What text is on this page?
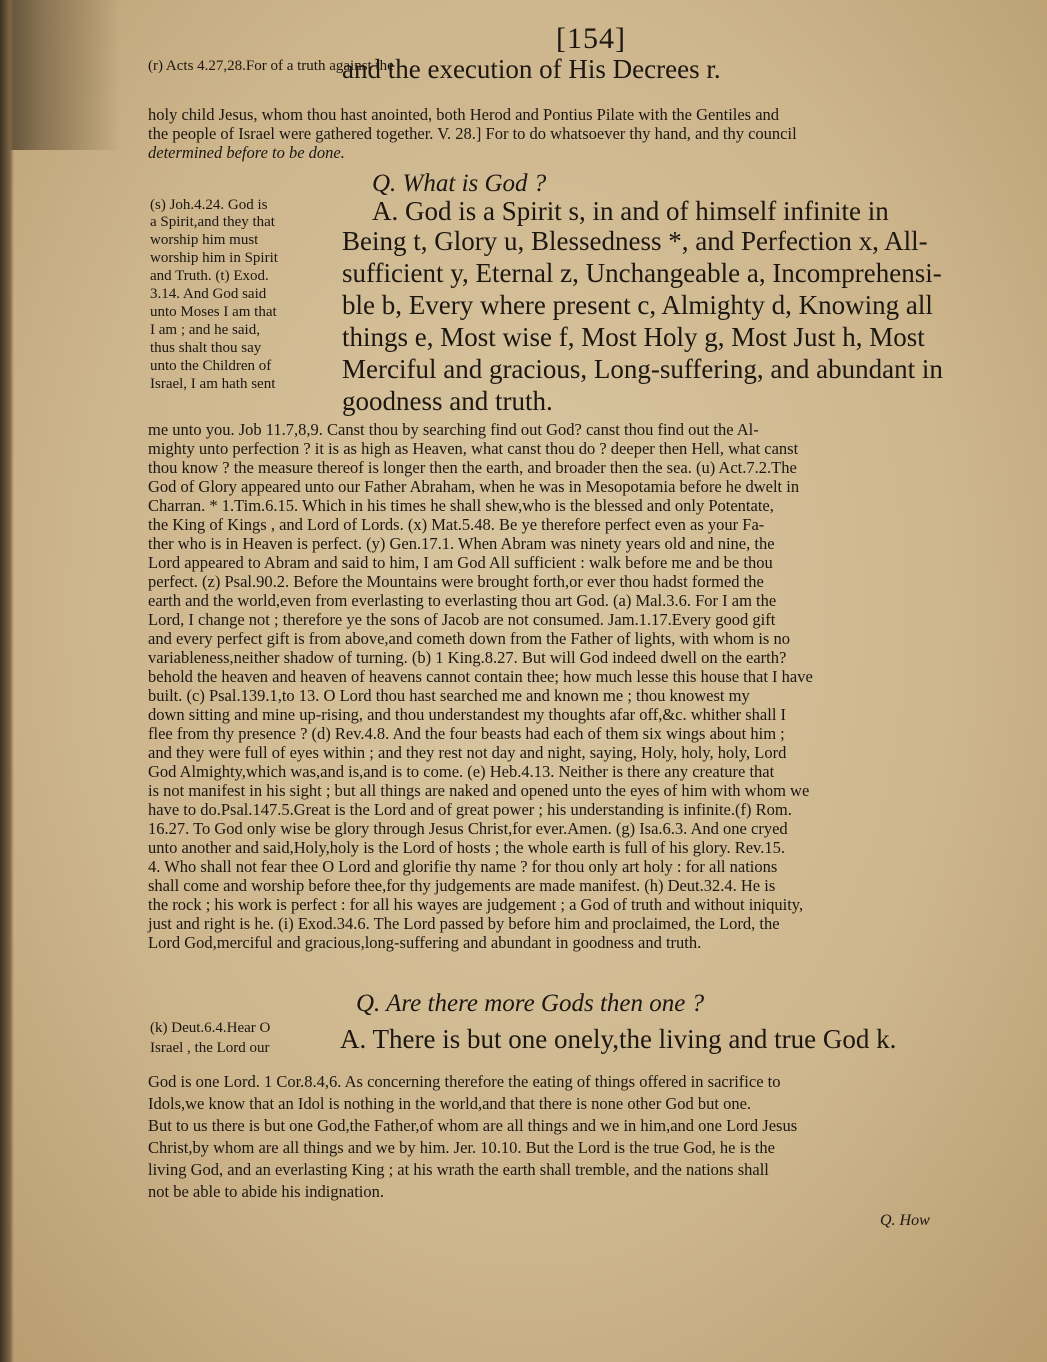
[154]
(r) Acts 4.27,28.For of a truth against the
and the execution of His Decrees r.
holy child Jesus, whom thou hast anointed, both Herod and Pontius Pilate with the Gentiles and
the people of Israel were gathered together. V. 28.] For to do whatsoever thy hand, and thy council
determined before to be done.
Q. What is God ?
(s) Joh.4.24. God is
a Spirit,and they that
worship him must
worship him in Spirit
and Truth. (t) Exod.
3.14. And God said
unto Moses I am that
I am ; and he said,
thus shalt thou say
unto the Children of
Israel, I am hath sent
A. God is a Spirit s, in and of himself infinite in
Being t, Glory u, Blessedness *, and Perfection x, All-
sufficient y, Eternal z, Unchangeable a, Incomprehensi-
ble b, Every where present c, Almighty d, Knowing all
things e, Most wise f, Most Holy g, Most Just h, Most
Merciful and gracious, Long-suffering, and abundant in
goodness and truth.
me unto you. Job 11.7,8,9. Canst thou by searching find out God? canst thou find out the Al-
mighty unto perfection ? it is as high as Heaven, what canst thou do ? deeper then Hell, what canst
thou know ? the measure thereof is longer then the earth, and broader then the sea. (u) Act.7.2.The
God of Glory appeared unto our Father Abraham, when he was in Mesopotamia before he dwelt in
Charran. * 1.Tim.6.15. Which in his times he shall shew,who is the blessed and only Potentate,
the King of Kings , and Lord of Lords. (x) Mat.5.48. Be ye therefore perfect even as your Fa-
ther who is in Heaven is perfect. (y) Gen.17.1. When Abram was ninety years old and nine, the
Lord appeared to Abram and said to him, I am God All sufficient : walk before me and be thou
perfect. (z) Psal.90.2. Before the Mountains were brought forth,or ever thou hadst formed the
earth and the world,even from everlasting to everlasting thou art God. (a) Mal.3.6. For I am the
Lord, I change not ; therefore ye the sons of Jacob are not consumed. Jam.1.17.Every good gift
and every perfect gift is from above,and cometh down from the Father of lights, with whom is no
variableness,neither shadow of turning. (b) 1 King.8.27. But will God indeed dwell on the earth?
behold the heaven and heaven of heavens cannot contain thee; how much lesse this house that I have
built. (c) Psal.139.1,to 13. O Lord thou hast searched me and known me ; thou knowest my
down sitting and mine up-rising, and thou understandest my thoughts afar off,&c. whither shall I
flee from thy presence ? (d) Rev.4.8. And the four beasts had each of them six wings about him ;
and they were full of eyes within ; and they rest not day and night, saying, Holy, holy, holy, Lord
God Almighty,which was,and is,and is to come. (e) Heb.4.13. Neither is there any creature that
is not manifest in his sight ; but all things are naked and opened unto the eyes of him with whom we
have to do.Psal.147.5.Great is the Lord and of great power ; his understanding is infinite.(f) Rom.
16.27. To God only wise be glory through Jesus Christ,for ever.Amen. (g) Isa.6.3. And one cryed
unto another and said,Holy,holy is the Lord of hosts ; the whole earth is full of his glory. Rev.15.
4. Who shall not fear thee O Lord and glorifie thy name ? for thou only art holy : for all nations
shall come and worship before thee,for thy judgements are made manifest. (h) Deut.32.4. He is
the rock ; his work is perfect : for all his wayes are judgement ; a God of truth and without iniquity,
just and right is he. (i) Exod.34.6. The Lord passed by before him and proclaimed, the Lord, the
Lord God,merciful and gracious,long-suffering and abundant in goodness and truth.
Q. Are there more Gods then one ?
(k) Deut.6.4.Hear O
Israel , the Lord our	A. There is but one onely,the living and true God k.
God is one Lord. 1 Cor.8.4,6. As concerning therefore the eating of things offered in sacrifice to
Idols,we know that an Idol is nothing in the world,and that there is none other God but one.
But to us there is but one God,the Father,of whom are all things and we in him,and one Lord Jesus
Christ,by whom are all things and we by him. Jer. 10.10. But the Lord is the true God, he is the
living God, and an everlasting King ; at his wrath the earth shall tremble, and the nations shall
not be able to abide his indignation.
Q. How
